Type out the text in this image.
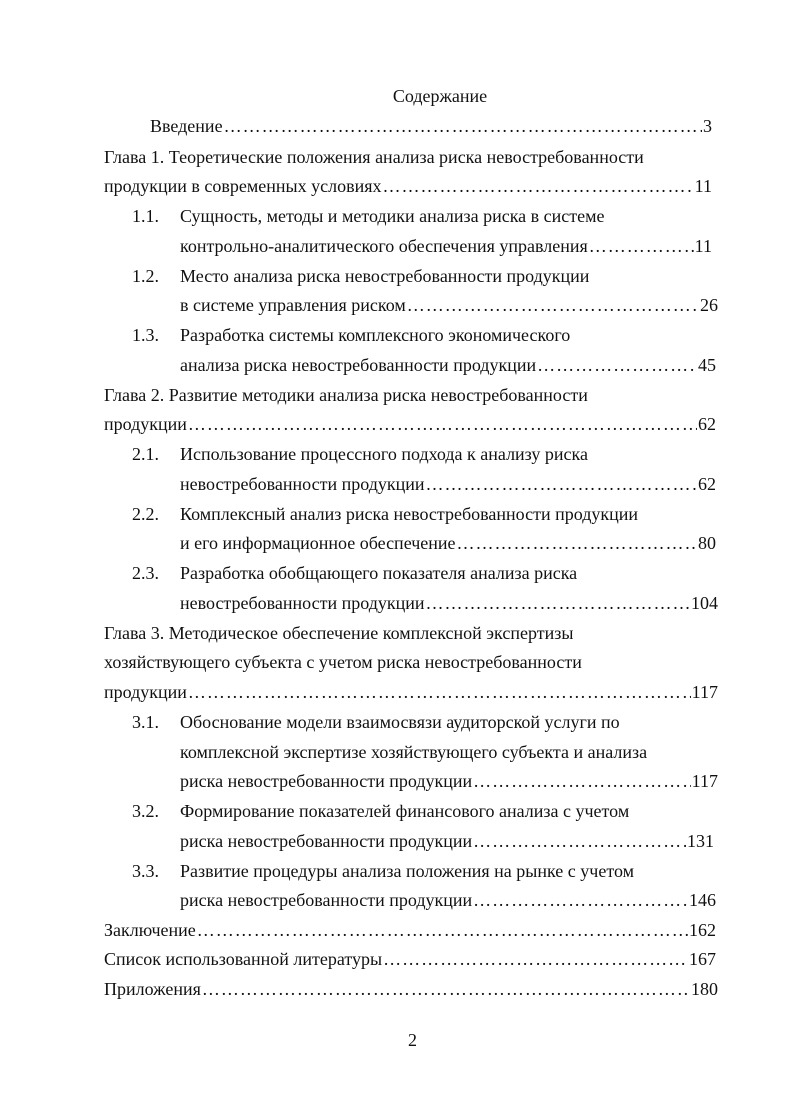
Содержание
Введение …………………………………………………………………………………………………………………………………………	3
Глава 1. Теоретические положения анализа риска невостребованности
продукции в современных условиях …………………………………………………………………………………………………………………………………………	11
1.1. Сущность, методы и методики анализа риска в системе
контрольно-аналитического обеспечения управления …………………………………………………………………………………………………………………………………………	11
1.2. Место анализа риска невостребованности продукции
в системе управления риском …………………………………………………………………………………………………………………………………………	26
1.3. Разработка системы комплексного экономического
анализа риска невостребованности продукции …………………………………………………………………………………………………………………………………………	45
Глава 2. Развитие методики анализа риска невостребованности
продукции …………………………………………………………………………………………………………………………………………	62
2.1. Использование процессного подхода к анализу риска
невостребованности продукции …………………………………………………………………………………………………………………………………………	62
2.2. Комплексный анализ риска невостребованности продукции
и его информационное обеспечение …………………………………………………………………………………………………………………………………………	80
2.3. Разработка обобщающего показателя анализа риска
невостребованности продукции …………………………………………………………………………………………………………………………………………	104
Глава 3. Методическое обеспечение комплексной экспертизы
хозяйствующего субъекта с учетом риска невостребованности
продукции …………………………………………………………………………………………………………………………………………	117
3.1. Обоснование модели взаимосвязи аудиторской услуги по
комплексной экспертизе хозяйствующего субъекта и анализа
риска невостребованности продукции …………………………………………………………………………………………………………………………………………	117
3.2. Формирование показателей финансового анализа с учетом
риска невостребованности продукции …………………………………………………………………………………………………………………………………………	131
3.3. Развитие процедуры анализа положения на рынке с учетом
риска невостребованности продукции …………………………………………………………………………………………………………………………………………	146
Заключение …………………………………………………………………………………………………………………………………………	162
Список использованной литературы …………………………………………………………………………………………………………………………………………	167
Приложения …………………………………………………………………………………………………………………………………………	180
2
